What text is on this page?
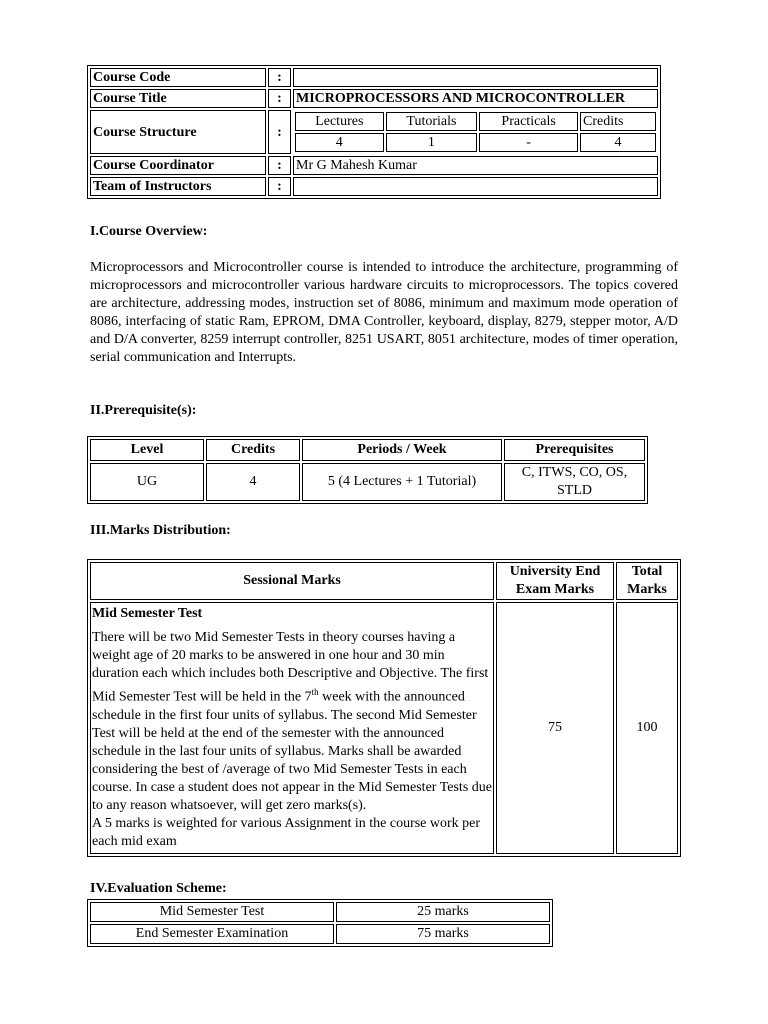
Course Code	:	
Course Title	:	MICROPROCESSORS AND MICROCONTROLLER
Course Structure	:	
Lectures	Tutorials	Practicals	Credits
4	1	-	4

Course Coordinator	:	Mr G Mahesh Kumar
Team of Instructors	:	
I.Course Overview:
Microprocessors and Microcontroller course is intended to introduce the architecture, programming of microprocessors and microcontroller various hardware circuits to microprocessors. The topics covered are architecture, addressing modes, instruction set of 8086, minimum and maximum mode operation of 8086, interfacing of static Ram, EPROM, DMA Controller, keyboard, display, 8279, stepper motor, A/D and D/A converter, 8259 interrupt controller, 8251 USART, 8051 architecture, modes of timer operation, serial communication and Interrupts.
II.Prerequisite(s):
Level	Credits	Periods / Week	Prerequisites
UG	4	5 (4 Lectures + 1 Tutorial)	C, ITWS, CO, OS, STLD
III.Marks Distribution:
Sessional Marks	University End Exam Marks	Total Marks

Mid Semester Test
There will be two Mid Semester Tests in theory courses having a weight age of 20 marks to be answered in one hour and 30 min duration each which includes both Descriptive and Objective. The first Mid Semester Test will be held in the 7th week with the announced schedule in the first four units of syllabus. The second Mid Semester Test will be held at the end of the semester with the announced schedule in the last four units of syllabus. Marks shall be awarded considering the best of /average of two Mid Semester Tests in each course. In case a student does not appear in the Mid Semester Tests due to any reason whatsoever, will get zero marks(s).
A 5 marks is weighted for various Assignment in the course work per each mid exam	75	100
IV.Evaluation Scheme:
Mid Semester Test	25 marks
End Semester Examination	75 marks
